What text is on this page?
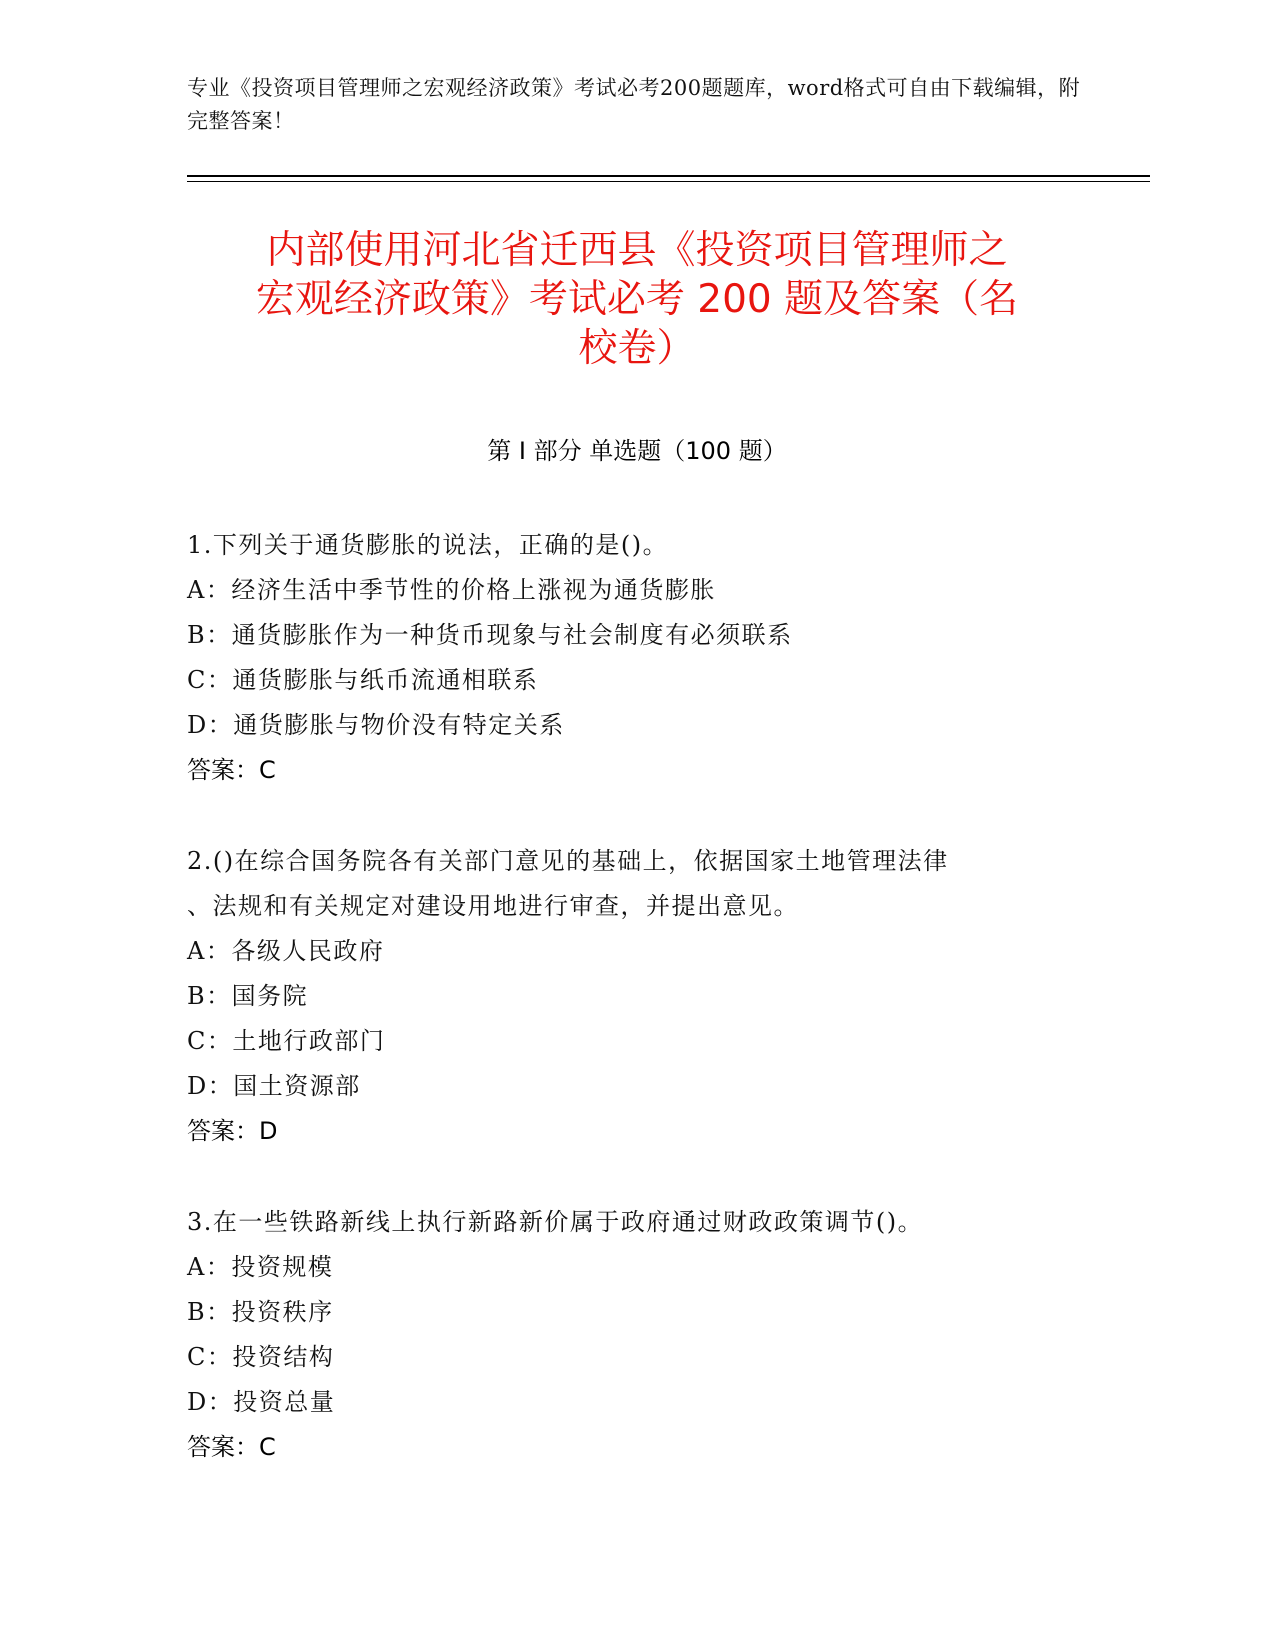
专业《投资项目管理师之宏观经济政策》考试必考200题题库，word格式可自由下载编辑，附完整答案！
内部使用河北省迁西县《投资项目管理师之
宏观经济政策》考试必考 200 题及答案（名
校卷）
第 I 部分 单选题（100 题）
1.下列关于通货膨胀的说法，正确的是()。
A：经济生活中季节性的价格上涨视为通货膨胀
B：通货膨胀作为一种货币现象与社会制度有必须联系
C：通货膨胀与纸币流通相联系
D：通货膨胀与物价没有特定关系
答案：C
2.()在综合国务院各有关部门意见的基础上，依据国家土地管理法律
、法规和有关规定对建设用地进行审查，并提出意见。
A：各级人民政府
B：国务院
C：土地行政部门
D：国土资源部
答案：D
3.在一些铁路新线上执行新路新价属于政府通过财政政策调节()。
A：投资规模
B：投资秩序
C：投资结构
D：投资总量
答案：C
